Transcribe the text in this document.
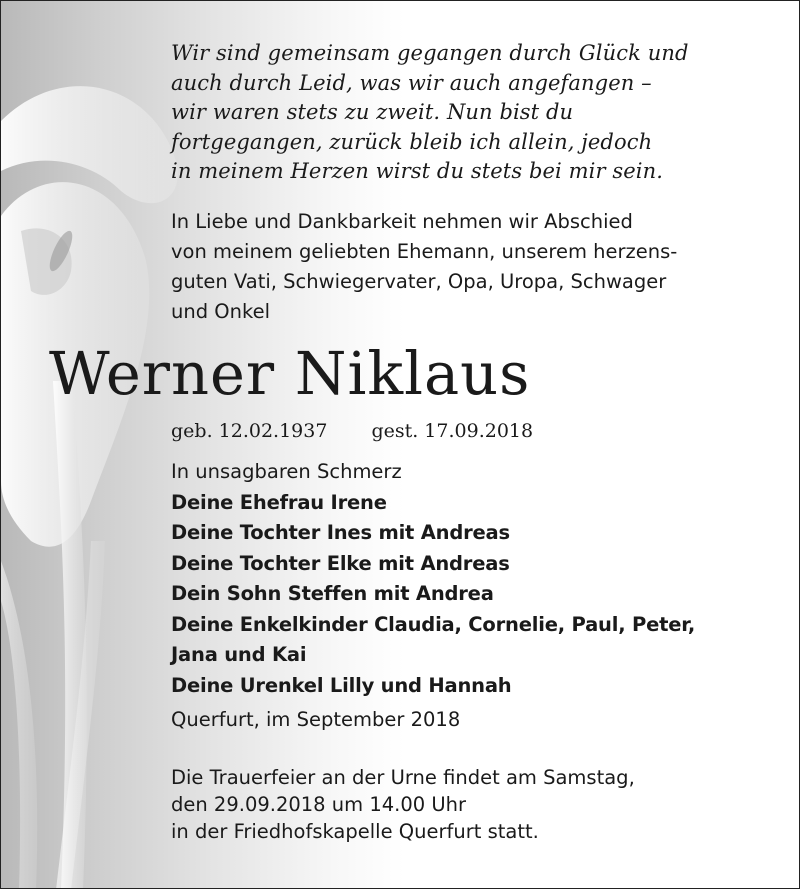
Wir sind gemeinsam gegangen durch Glück und
auch durch Leid, was wir auch angefangen –
wir waren stets zu zweit. Nun bist du
fortgegangen, zurück bleib ich allein, jedoch
in meinem Herzen wirst du stets bei mir sein.
In Liebe und Dankbarkeit nehmen wir Abschied
von meinem geliebten Ehemann, unserem herzens-
guten Vati, Schwiegervater, Opa, Uropa, Schwager
und Onkel
Werner Niklaus
geb. 12.02.1937 gest. 17.09.2018
In unsagbaren Schmerz
Deine Ehefrau Irene
Deine Tochter Ines mit Andreas
Deine Tochter Elke mit Andreas
Dein Sohn Steffen mit Andrea
Deine Enkelkinder Claudia, Cornelie, Paul, Peter,
Jana und Kai
Deine Urenkel Lilly und Hannah
Querfurt, im September 2018
Die Trauerfeier an der Urne findet am Samstag,
den 29.09.2018 um 14.00 Uhr
in der Friedhofskapelle Querfurt statt.
